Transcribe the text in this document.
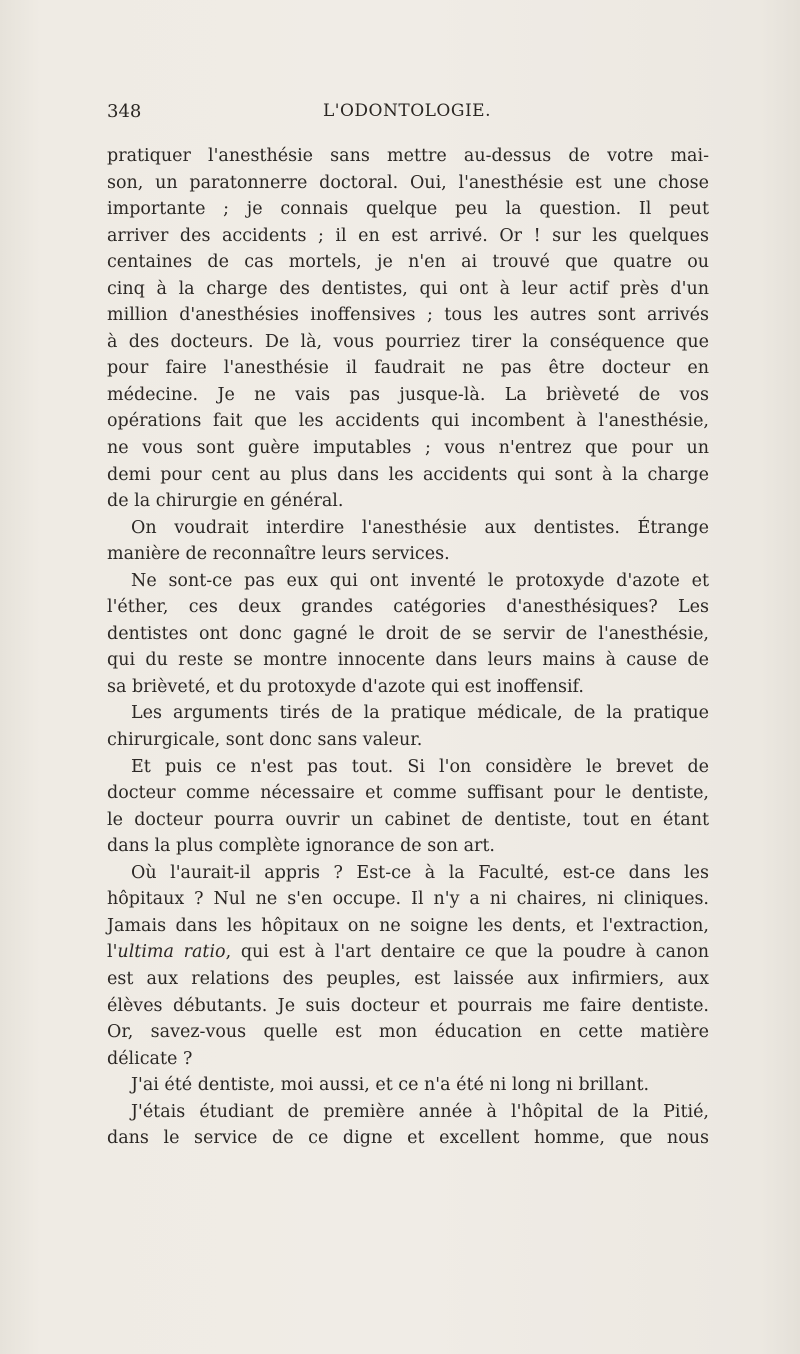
348	L'ODONTOLOGIE.
pratiquer l'anesthésie sans mettre au-dessus de votre mai-
son, un paratonnerre doctoral. Oui, l'anesthésie est une chose
importante ; je connais quelque peu la question. Il peut
arriver des accidents ; il en est arrivé. Or ! sur les quelques
centaines de cas mortels, je n'en ai trouvé que quatre ou
cinq à la charge des dentistes, qui ont à leur actif près d'un
million d'anesthésies inoffensives ; tous les autres sont arrivés
à des docteurs. De là, vous pourriez tirer la conséquence que
pour faire l'anesthésie il faudrait ne pas être docteur en
médecine. Je ne vais pas jusque-là. La brièveté de vos
opérations fait que les accidents qui incombent à l'anesthésie,
ne vous sont guère imputables ; vous n'entrez que pour un
demi pour cent au plus dans les accidents qui sont à la charge
de la chirurgie en général.
On voudrait interdire l'anesthésie aux dentistes. Étrange
manière de reconnaître leurs services.
Ne sont-ce pas eux qui ont inventé le protoxyde d'azote et
l'éther, ces deux grandes catégories d'anesthésiques? Les
dentistes ont donc gagné le droit de se servir de l'anesthésie,
qui du reste se montre innocente dans leurs mains à cause de
sa brièveté, et du protoxyde d'azote qui est inoffensif.
Les arguments tirés de la pratique médicale, de la pratique
chirurgicale, sont donc sans valeur.
Et puis ce n'est pas tout. Si l'on considère le brevet de
docteur comme nécessaire et comme suffisant pour le dentiste,
le docteur pourra ouvrir un cabinet de dentiste, tout en étant
dans la plus complète ignorance de son art.
Où l'aurait-il appris ? Est-ce à la Faculté, est-ce dans les
hôpitaux ? Nul ne s'en occupe. Il n'y a ni chaires, ni cliniques.
Jamais dans les hôpitaux on ne soigne les dents, et l'extraction,
l'ultima ratio, qui est à l'art dentaire ce que la poudre à canon
est aux relations des peuples, est laissée aux infirmiers, aux
élèves débutants. Je suis docteur et pourrais me faire dentiste.
Or, savez-vous quelle est mon éducation en cette matière
délicate ?
J'ai été dentiste, moi aussi, et ce n'a été ni long ni brillant.
J'étais étudiant de première année à l'hôpital de la Pitié,
dans le service de ce digne et excellent homme, que nous
